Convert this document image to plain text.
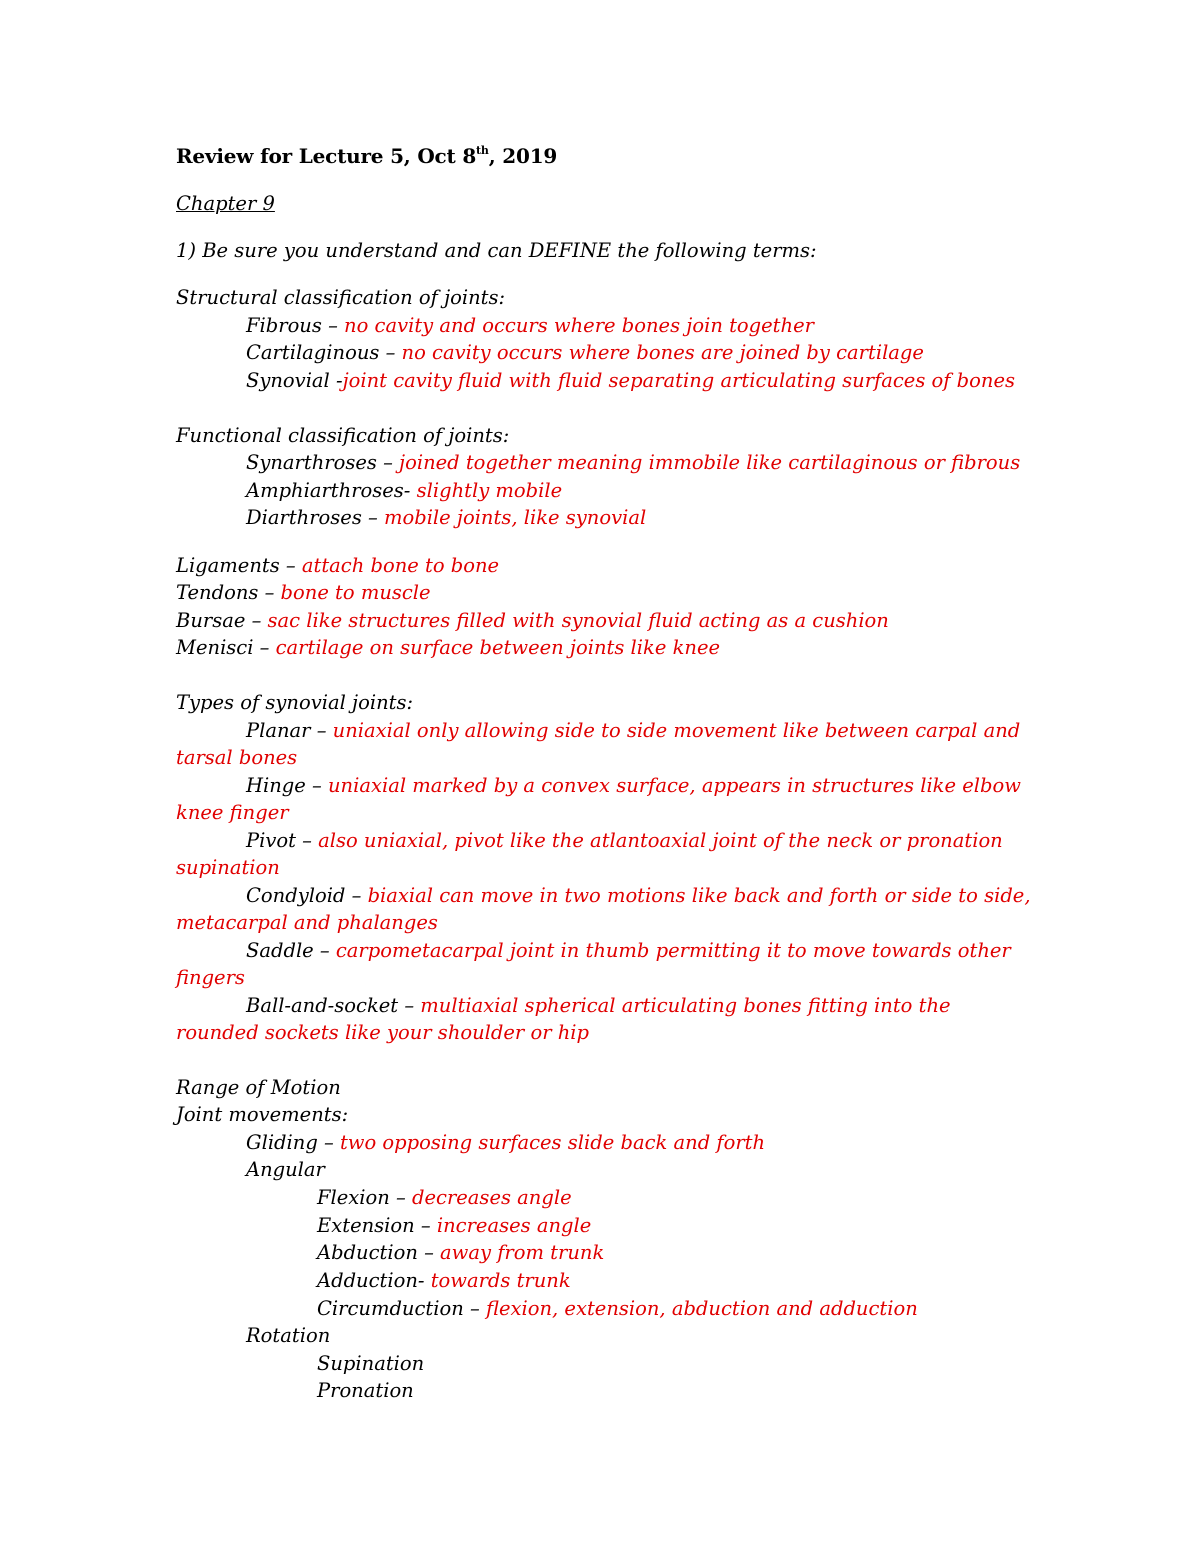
Review for Lecture 5, Oct 8th, 2019
Chapter 9
1) Be sure you understand and can DEFINE the following terms:
Structural classification of joints:
Fibrous – no cavity and occurs where bones join together
Cartilaginous – no cavity occurs where bones are joined by cartilage
Synovial -joint cavity fluid with fluid separating articulating surfaces of bones
Functional classification of joints:
Synarthroses – joined together meaning immobile like cartilaginous or fibrous
Amphiarthroses- slightly mobile
Diarthroses – mobile joints, like synovial
Ligaments – attach bone to bone
Tendons – bone to muscle
Bursae – sac like structures filled with synovial fluid acting as a cushion
Menisci – cartilage on surface between joints like knee
Types of synovial joints:
Planar – uniaxial only allowing side to side movement like between carpal and
tarsal bones
Hinge – uniaxial marked by a convex surface, appears in structures like elbow
knee finger
Pivot – also uniaxial, pivot like the atlantoaxial joint of the neck or pronation
supination
Condyloid – biaxial can move in two motions like back and forth or side to side,
metacarpal and phalanges
Saddle – carpometacarpal joint in thumb permitting it to move towards other
fingers
Ball-and-socket – multiaxial spherical articulating bones fitting into the
rounded sockets like your shoulder or hip
Range of Motion
Joint movements:
Gliding – two opposing surfaces slide back and forth
Angular
Flexion – decreases angle
Extension – increases angle
Abduction – away from trunk
Adduction- towards trunk
Circumduction – flexion, extension, abduction and adduction
Rotation
Supination
Pronation
